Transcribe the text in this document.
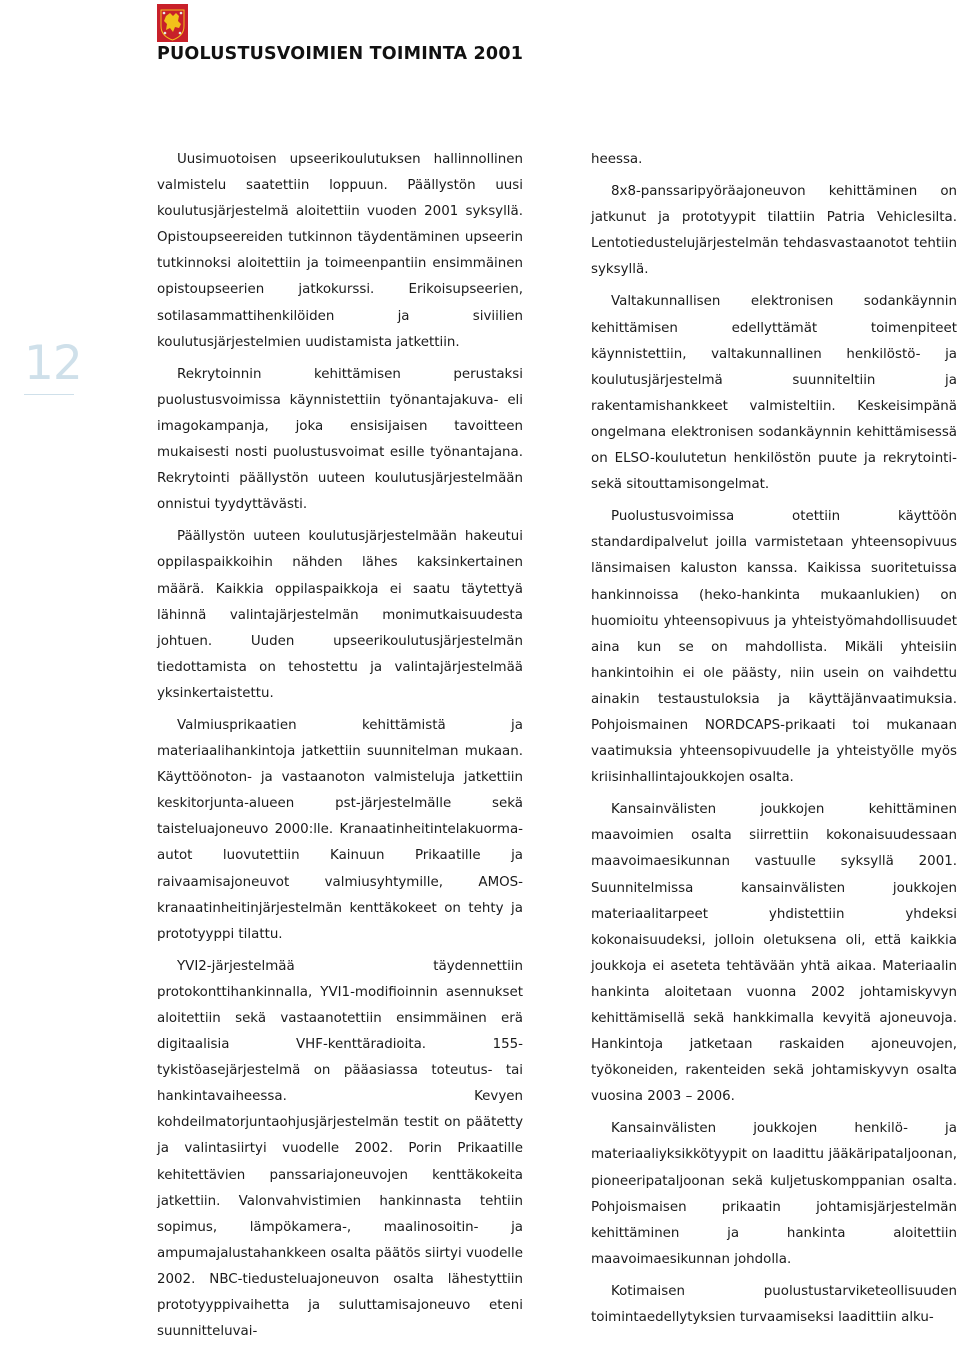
PUOLUSTUSVOIMIEN TOIMINTA 2001
12

Uusimuotoisen upseerikoulutuksen hallinnollinen valmistelu saatettiin loppuun. Päällystön uusi koulutusjärjestelmä aloitettiin vuoden 2001 syksyllä. Opistoupseereiden tutkinnon täydentäminen upseerin tutkinnoksi aloitettiin ja toimeenpantiin ensimmäinen opistoupseerien jatkokurssi. Erikoisupseerien, sotilasammattihenkilöiden ja siviilien koulutusjärjestelmien uudistamista jatkettiin.

Rekrytoinnin kehittämisen perustaksi puolustusvoimissa käynnistettiin työnantajakuva- eli imagokampanja, joka ensisijaisen tavoitteen mukaisesti nosti puolustusvoimat esille työnantajana. Rekrytointi päällystön uuteen koulutusjärjestelmään onnistui tyydyttävästi.

Päällystön uuteen koulutusjärjestelmään hakeutui oppilaspaikkoihin nähden lähes kaksinkertainen määrä. Kaikkia oppilaspaikkoja ei saatu täytettyä lähinnä valintajärjestelmän monimutkaisuudesta johtuen. Uuden upseerikoulutusjärjestelmän tiedottamista on tehostettu ja valintajärjestelmää yksinkertaistettu.

Valmiusprikaatien kehittämistä ja materiaalihankintoja jatkettiin suunnitelman mukaan. Käyttöönoton- ja vastaanoton valmisteluja jatkettiin keskitorjunta-alueen pst-järjestelmälle sekä taisteluajoneuvo 2000:lle. Kranaatinheitintelakuorma-autot luovutettiin Kainuun Prikaatille ja raivaamisajoneuvot valmiusyhtymille, AMOS-kranaatinheitinjärjestelmän kenttäkokeet on tehty ja prototyyppi tilattu.

YVI2-järjestelmää täydennettiin protokonttihankinnalla, YVI1-modifioinnin asennukset aloitettiin sekä vastaanotettiin ensimmäinen erä digitaalisia VHF-kenttäradioita. 155-tykistöasejärjestelmä on pääasiassa toteutus- tai hankintavaiheessa. Kevyen kohdeilmatorjuntaohjusjärjestelmän testit on päätetty ja valintasiirtyi vuodelle 2002. Porin Prikaatille kehitettävien panssariajoneuvojen kenttäkokeita jatkettiin. Valonvahvistimien hankinnasta tehtiin sopimus, lämpökamera-, maalinosoitin- ja ampumajalustahankkeen osalta päätös siirtyi vuodelle 2002. NBC-tiedusteluajoneuvon osalta lähestyttiin prototyyppivaihetta ja suluttamisajoneuvo eteni suunnitteluvai-

heessa.

8x8-panssaripyöräajoneuvon kehittäminen on jatkunut ja prototyypit tilattiin Patria Vehiclesilta. Lentotiedustelujärjestelmän tehdasvastaanotot tehtiin syksyllä.

Valtakunnallisen elektronisen sodankäynnin kehittämisen edellyttämät toimenpiteet käynnistettiin, valtakunnallinen henkilöstö- ja koulutusjärjestelmä suunniteltiin ja rakentamishankkeet valmisteltiin. Keskeisimpänä ongelmana elektronisen sodankäynnin kehittämisessä on ELSO-koulutetun henkilöstön puute ja rekrytointi- sekä sitouttamisongelmat.

Puolustusvoimissa otettiin käyttöön standardipalvelut joilla varmistetaan yhteensopivuus länsimaisen kaluston kanssa. Kaikissa suoritetuissa hankinnoissa (heko-hankinta mukaanlukien) on huomioitu yhteensopivuus ja yhteistyömahdollisuudet aina kun se on mahdollista. Mikäli yhteisiin hankintoihin ei ole päästy, niin usein on vaihdettu ainakin testaustuloksia ja käyttäjänvaatimuksia. Pohjoismainen NORDCAPS-prikaati toi mukanaan vaatimuksia yhteensopivuudelle ja yhteistyölle myös kriisinhallintajoukkojen osalta.

Kansainvälisten joukkojen kehittäminen maavoimien osalta siirrettiin kokonaisuudessaan maavoimaesikunnan vastuulle syksyllä 2001. Suunnitelmissa kansainvälisten joukkojen materiaalitarpeet yhdistettiin yhdeksi kokonaisuudeksi, jolloin oletuksena oli, että kaikkia joukkoja ei aseteta tehtävään yhtä aikaa. Materiaalin hankinta aloitetaan vuonna 2002 johtamiskyvyn kehittämisellä sekä hankkimalla kevyitä ajoneuvoja. Hankintoja jatketaan raskaiden ajoneuvojen, työkoneiden, rakenteiden sekä johtamiskyvyn osalta vuosina 2003 – 2006.

Kansainvälisten joukkojen henkilö- ja materiaaliyksikkötyypit on laadittu jääkäripataljoonan, pioneeripataljoonan sekä kuljetuskomppanian osalta. Pohjoismaisen prikaatin johtamisjärjestelmän kehittäminen ja hankinta aloitettiin maavoimaesikunnan johdolla.

Kotimaisen puolustustarviketeollisuuden toimintaedellytyksien turvaamiseksi laadittiin alku-
